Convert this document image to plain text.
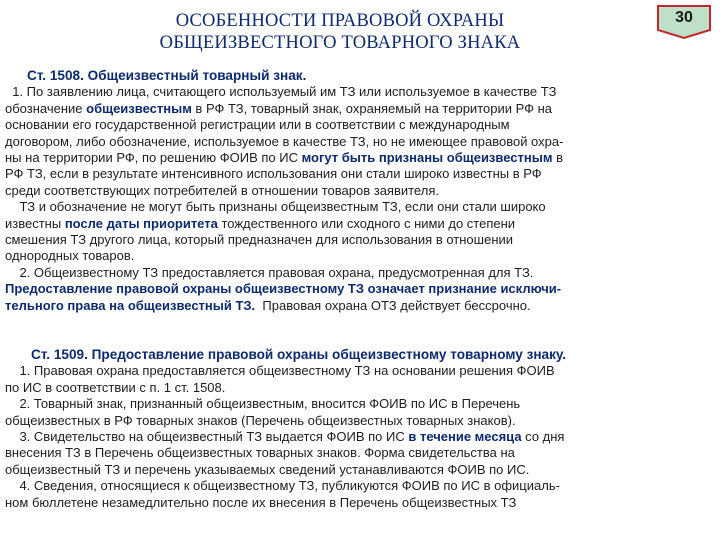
ОСОБЕННОСТИ ПРАВОВОЙ ОХРАНЫ
ОБЩЕИЗВЕСТНОГО ТОВАРНОГО ЗНАКА
30

Ст. 1508. Общеизвестный товарный знак.

1. По заявлению лица, считающего используемый им ТЗ или используемое в качестве ТЗ

обозначение общеизвестным в РФ ТЗ, товарный знак, охраняемый на территории РФ на

основании его государственной регистрации или в соответствии с международным

договором, либо обозначение, используемое в качестве ТЗ, но не имеющее правовой охра-

ны на территории РФ, по решению ФОИВ по ИС могут быть признаны общеизвестным в

РФ ТЗ, если в результате интенсивного использования они стали широко известны в РФ

среди соответствующих потребителей в отношении товаров заявителя.

ТЗ и обозначение не могут быть признаны общеизвестным ТЗ, если они стали широко

известны после даты приоритета тождественного или сходного с ними до степени

смешения ТЗ другого лица, который предназначен для использования в отношении

однородных товаров.

2. Общеизвестному ТЗ предоставляется правовая охрана, предусмотренная для ТЗ.

Предоставление правовой охраны общеизвестному ТЗ означает признание исключи-

тельного права на общеизвестный ТЗ.  Правовая охрана ОТЗ действует бессрочно.

Ст. 1509. Предоставление правовой охраны общеизвестному товарному знаку.

1. Правовая охрана предоставляется общеизвестному ТЗ на основании решения ФОИВ

по ИС в соответствии с п. 1 ст. 1508.

2. Товарный знак, признанный общеизвестным, вносится ФОИВ по ИС в Перечень

общеизвестных в РФ товарных знаков (Перечень общеизвестных товарных знаков).

3. Свидетельство на общеизвестный ТЗ выдается ФОИВ по ИС в течение месяца со дня

внесения ТЗ в Перечень общеизвестных товарных знаков. Форма свидетельства на

общеизвестный ТЗ и перечень указываемых сведений устанавливаются ФОИВ по ИС.

4. Сведения, относящиеся к общеизвестному ТЗ, публикуются ФОИВ по ИС в официаль-

ном бюллетене незамедлительно после их внесения в Перечень общеизвестных ТЗ
